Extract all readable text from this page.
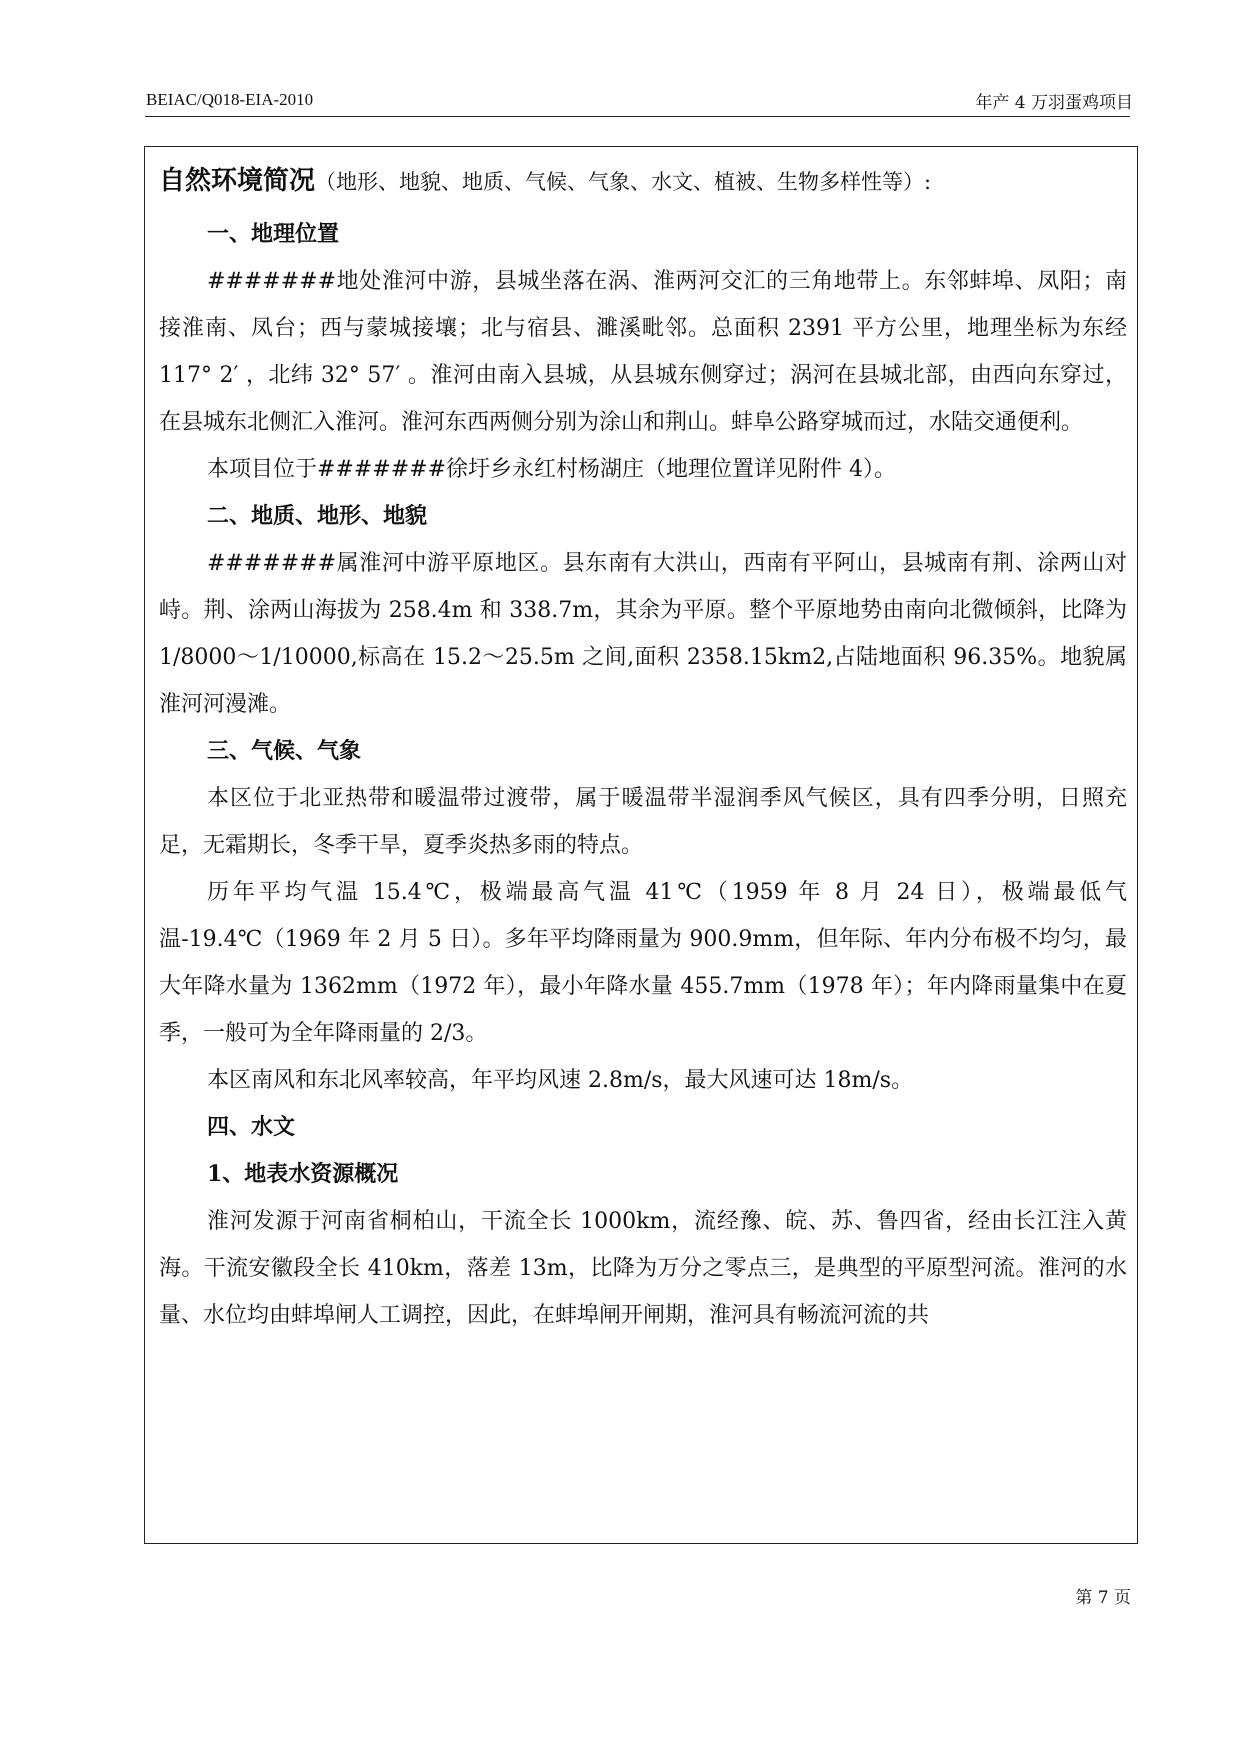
BEIAC/Q018-EIA-2010	年产 4 万羽蛋鸡项目
自然环境简况（地形、地貌、地质、气候、气象、水文、植被、生物多样性等）:

一、地理位置

#######地处淮河中游，县城坐落在涡、淮两河交汇的三角地带上。东邻蚌埠、凤阳；南接淮南、凤台；西与蒙城接壤；北与宿县、濉溪毗邻。总面积 2391 平方公里，地理坐标为东经 117° 2′ ，北纬 32° 57′ 。淮河由南入县城，从县城东侧穿过；涡河在县城北部，由西向东穿过，在县城东北侧汇入淮河。淮河东西两侧分别为涂山和荆山。蚌阜公路穿城而过，水陆交通便利。

本项目位于#######徐圩乡永红村杨湖庄（地理位置详见附件 4）。

二、地质、地形、地貌

#######属淮河中游平原地区。县东南有大洪山，西南有平阿山，县城南有荆、涂两山对峙。荆、涂两山海拔为 258.4m 和 338.7m，其余为平原。整个平原地势由南向北微倾斜，比降为 1/8000～1/10000,标高在 15.2～25.5m 之间,面积 2358.15km2,占陆地面积 96.35%。地貌属淮河河漫滩。

三、气候、气象

本区位于北亚热带和暖温带过渡带，属于暖温带半湿润季风气候区，具有四季分明，日照充足，无霜期长，冬季干旱，夏季炎热多雨的特点。

历年平均气温 15.4℃，极端最高气温 41℃（1959 年 8 月 24 日），极端最低气温-19.4℃（1969 年 2 月 5 日）。多年平均降雨量为 900.9mm，但年际、年内分布极不均匀，最大年降水量为 1362mm（1972 年），最小年降水量 455.7mm（1978 年）；年内降雨量集中在夏季，一般可为全年降雨量的 2/3。

本区南风和东北风率较高，年平均风速 2.8m/s，最大风速可达 18m/s。

四、水文

1、地表水资源概况

淮河发源于河南省桐柏山，干流全长 1000km，流经豫、皖、苏、鲁四省，经由长江注入黄海。干流安徽段全长 410km，落差 13m，比降为万分之零点三，是典型的平原型河流。淮河的水量、水位均由蚌埠闸人工调控，因此，在蚌埠闸开闸期，淮河具有畅流河流的共

第 7 页
